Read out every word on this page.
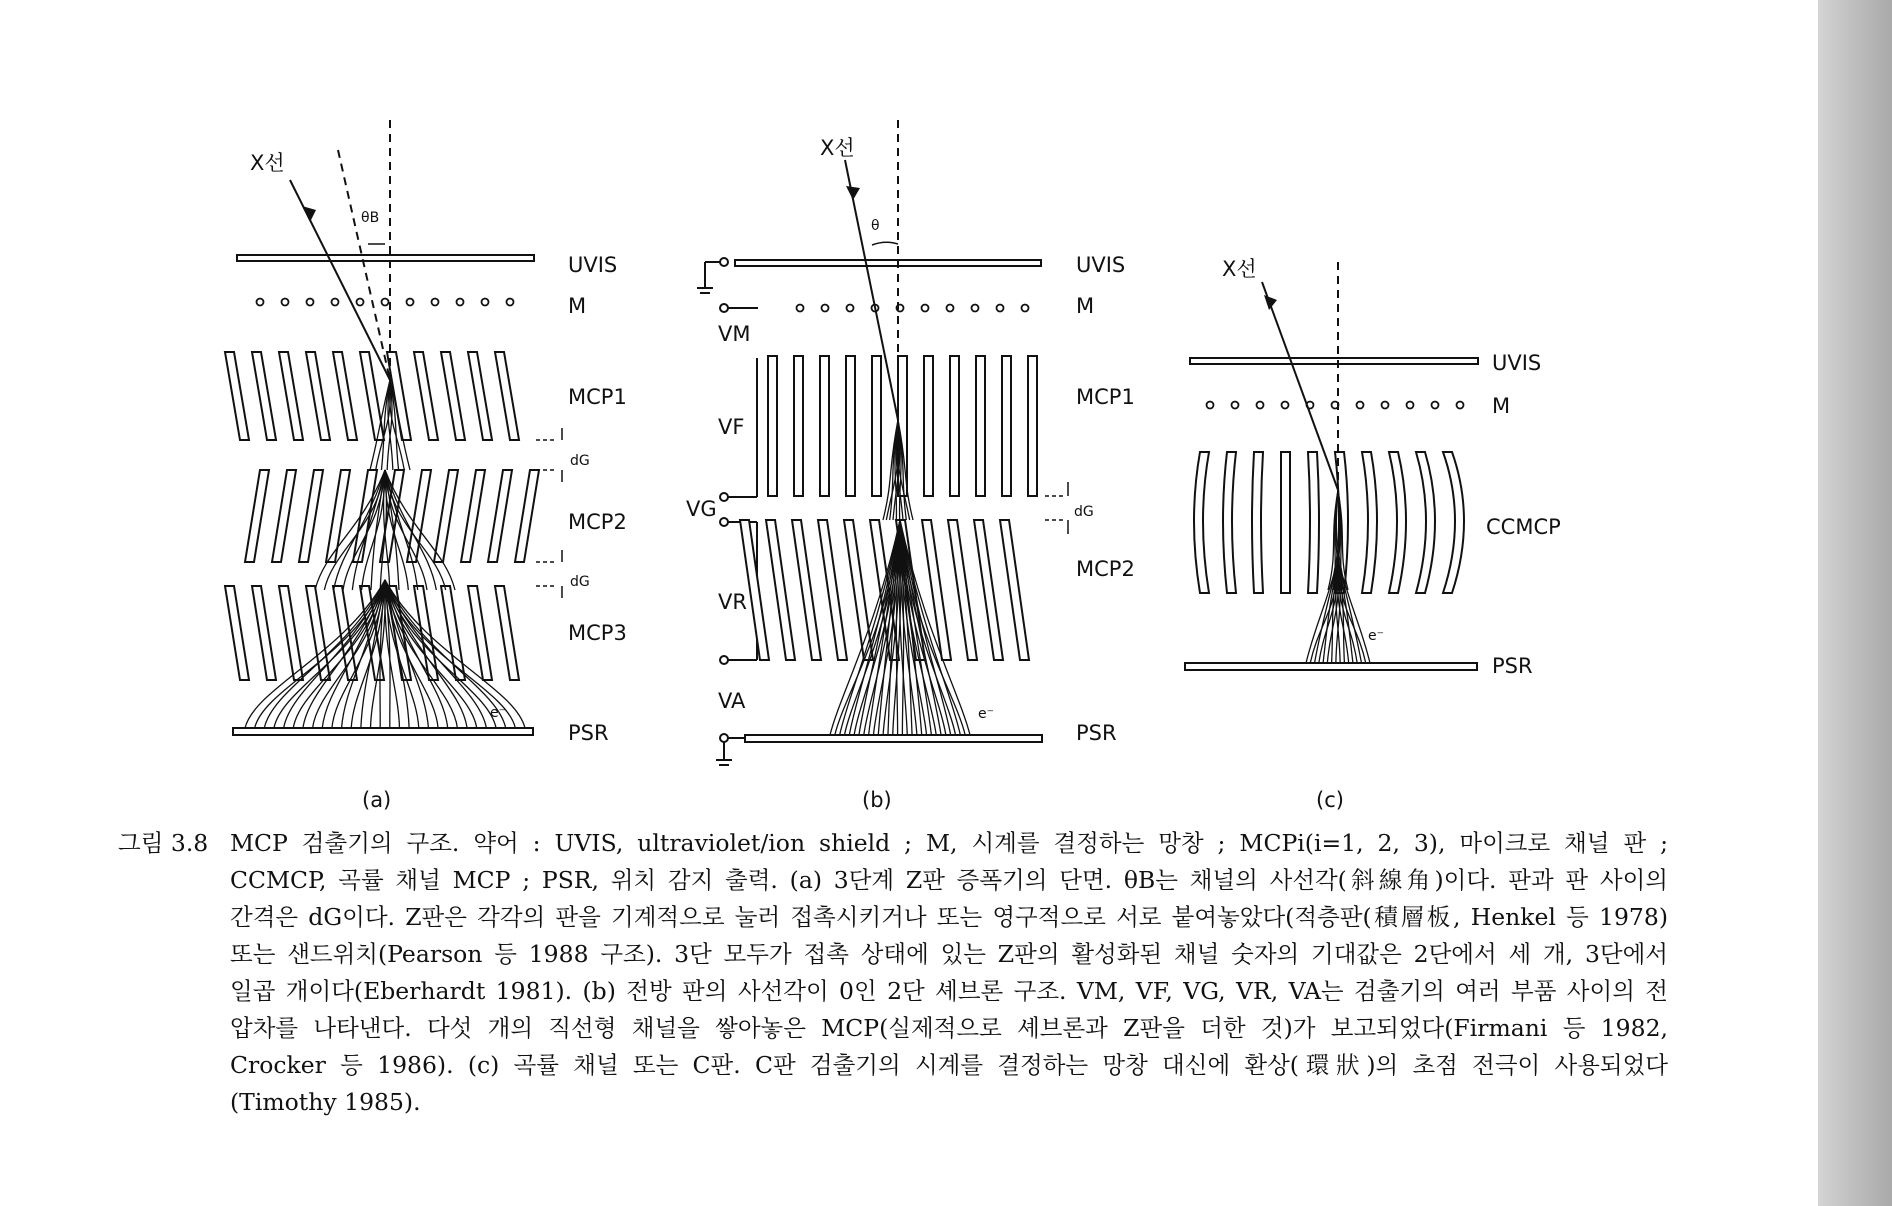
X선
θB
UVIS
M
MCP1
dG
MCP2
dG
MCP3
PSR
e⁻
(a)
X선
θ
UVIS
M
MCP1
dG
MCP2
PSR
VM
VF
VG
VR
VA
e⁻
(b)
X선
UVIS
M
CCMCP
PSR
e⁻
(c)
그림 3.8 MCP 검출기의 구조. 약어 : UVIS, ultraviolet/ion shield ; M, 시계를 결정하는 망창 ; MCPi(i=1, 2, 3), 마이크로 채널 판 ;
CCMCP, 곡률 채널 MCP ; PSR, 위치 감지 출력. (a) 3단계 Z판 증폭기의 단면. θB는 채널의 사선각(斜線角)이다. 판과 판 사이의
간격은 dG이다. Z판은 각각의 판을 기계적으로 눌러 접촉시키거나 또는 영구적으로 서로 붙여놓았다(적층판(積層板, Henkel 등 1978)
또는 샌드위치(Pearson 등 1988 구조). 3단 모두가 접촉 상태에 있는 Z판의 활성화된 채널 숫자의 기대값은 2단에서 세 개, 3단에서
일곱 개이다(Eberhardt 1981). (b) 전방 판의 사선각이 0인 2단 셰브론 구조. VM, VF, VG, VR, VA는 검출기의 여러 부품 사이의 전
압차를 나타낸다. 다섯 개의 직선형 채널을 쌓아놓은 MCP(실제적으로 셰브론과 Z판을 더한 것)가 보고되었다(Firmani 등 1982,
Crocker 등 1986). (c) 곡률 채널 또는 C판. C판 검출기의 시계를 결정하는 망창 대신에 환상(環狀)의 초점 전극이 사용되었다
(Timothy 1985).
